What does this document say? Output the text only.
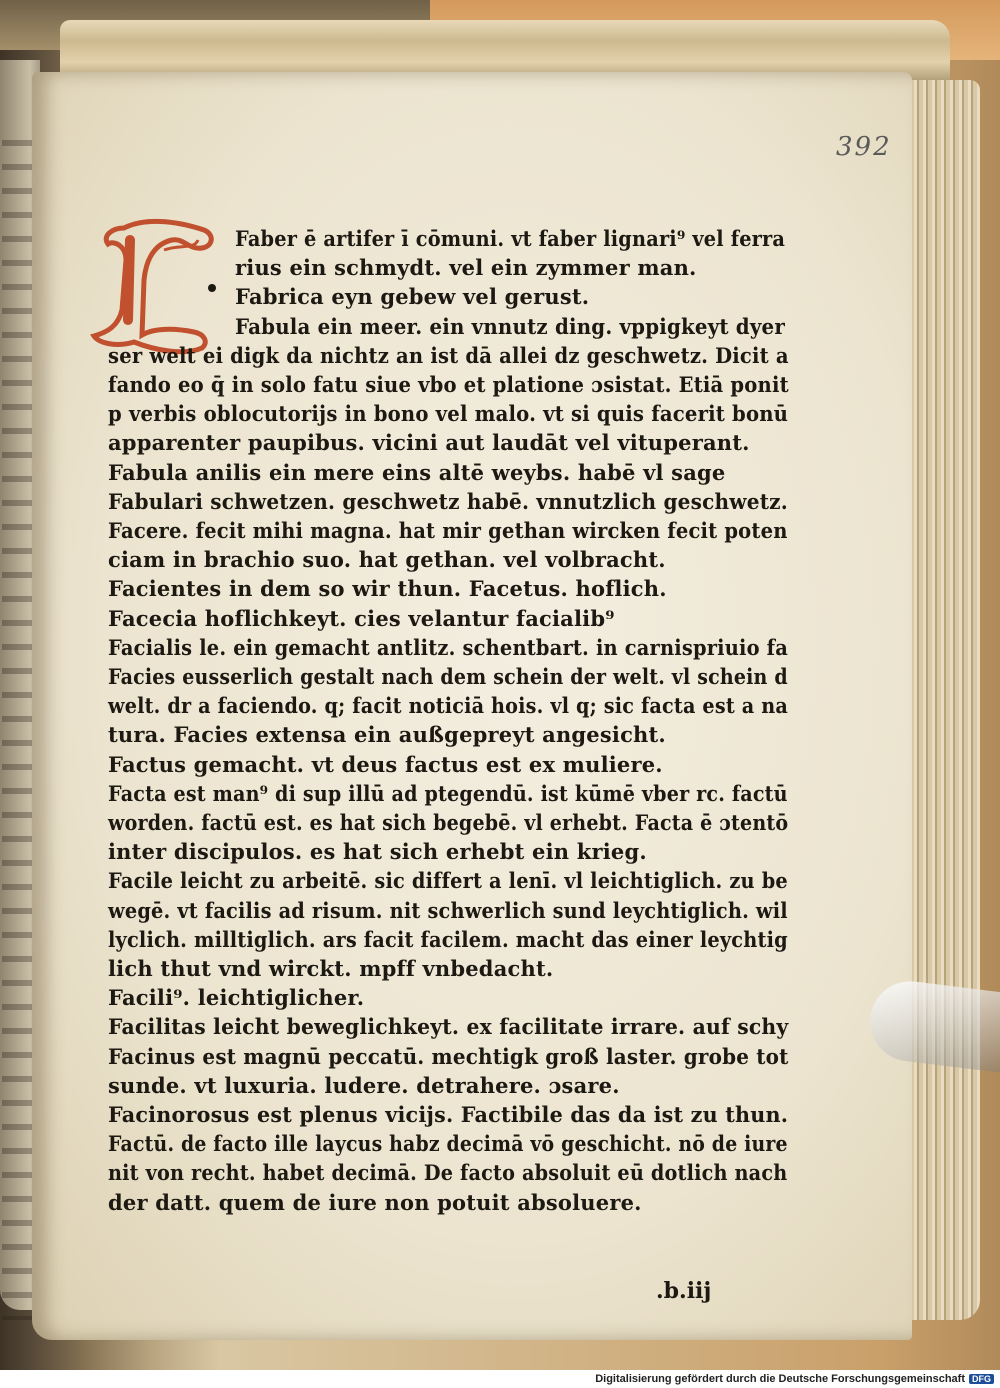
392
Faber ē artifer ī cōmuni. vt faber lignari⁹ vel ferra
rius ein schmydt. vel ein zymmer man.
Fabrica eyn gebew vel gerust.
Fabula ein meer. ein vnnutz ding. vppigkeyt dyer
ser welt ei digk da nichtz an ist dā allei dz geschwetz. Dicit a
fando eo q̄ in solo fatu siue vbo et platione ɔsistat. Etiā ponit
p verbis oblocutorijs in bono vel malo. vt si quis facerit bonū
apparenter paupibus. vicini aut laudāt vel vituperant.
Fabula anilis ein mere eins altē weybs. habē vl sage
Fabulari schwetzen. geschwetz habē. vnnutzlich geschwetz.
Facere. fecit mihi magna. hat mir gethan wircken fecit poten
ciam in brachio suo. hat gethan. vel volbracht.
Facientes in dem so wir thun. Facetus. hoflich.
Facecia hoflichkeyt. cies velantur facialib⁹
Facialis le. ein gemacht antlitz. schentbart. in carnispriuio fa
Facies eusserlich gestalt nach dem schein der welt. vl schein d
welt. dr a faciendo. q; facit noticiā hois. vl q; sic facta est a na
tura. Facies extensa ein außgepreyt angesicht.
Factus gemacht. vt deus factus est ex muliere.
Facta est man⁹ di sup illū ad ptegendū. ist kūmē vber rc. factū
worden. factū est. es hat sich begebē. vl erhebt. Facta ē ɔtentō
inter discipulos. es hat sich erhebt ein krieg.
Facile leicht zu arbeitē. sic differt a lenī. vl leichtiglich. zu be
wegē. vt facilis ad risum. nit schwerlich sund leychtiglich. wil
lyclich. milltiglich. ars facit facilem. macht das einer leychtig
lich thut vnd wirckt. mpff vnbedacht.
Facili⁹. leichtiglicher.
Facilitas leicht beweglichkeyt. ex facilitate irrare. auf schy
Facinus est magnū peccatū. mechtigk groß laster. grobe tot
sunde. vt luxuria. ludere. detrahere. ɔsare.
Facinorosus est plenus vicijs. Factibile das da ist zu thun.
Factū. de facto ille laycus habz decimā vō geschicht. nō de iure
nit von recht. habet decimā. De facto absoluit eū dotlich nach
der datt. quem de iure non potuit absoluere.
.b.iij
Digitalisierung gefördert durch die Deutsche Forschungsgemeinschaft DFG
